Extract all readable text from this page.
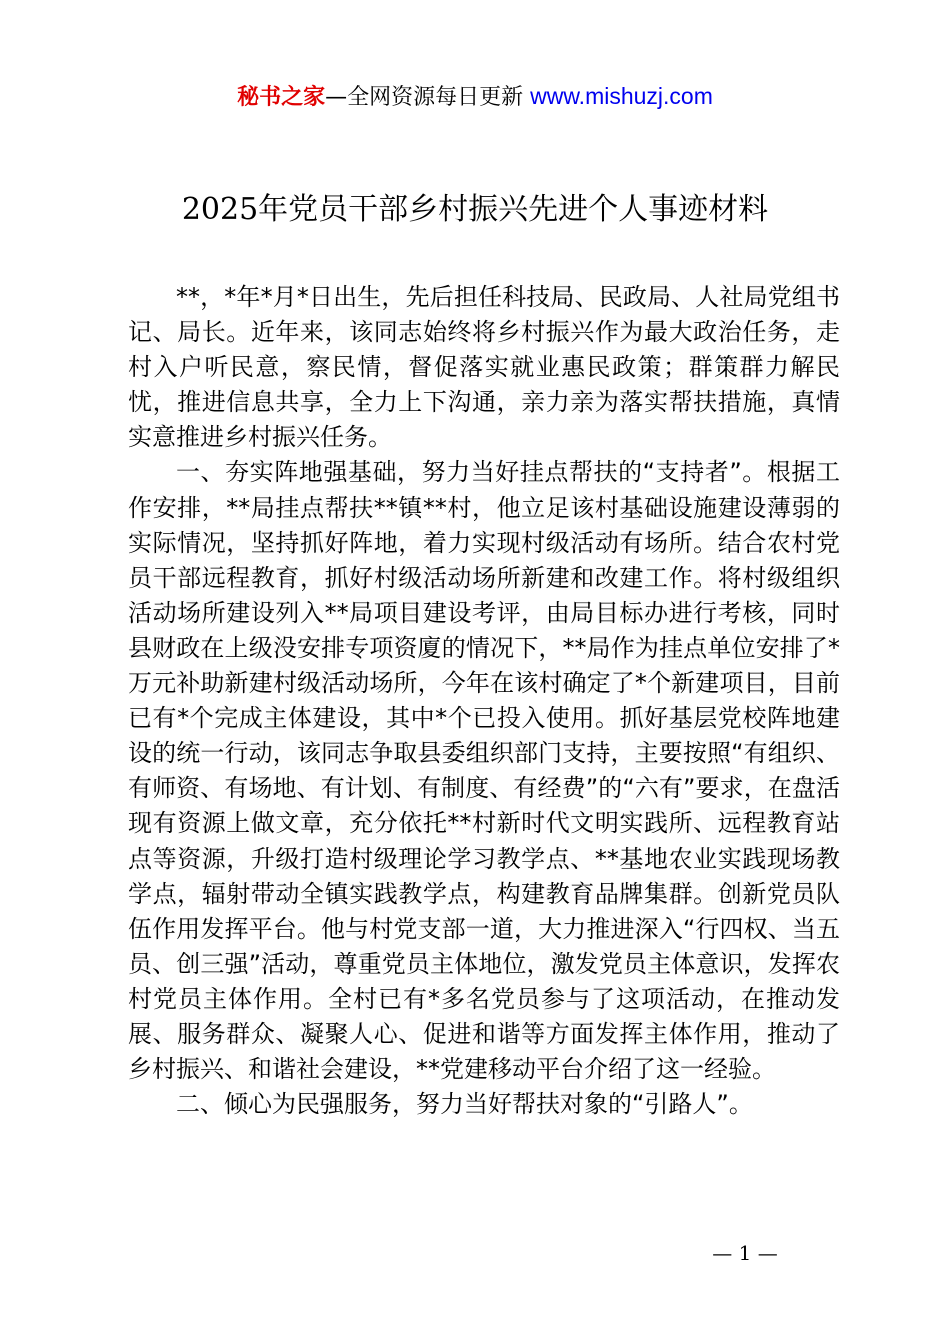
秘书之家—全网资源每日更新 www.mishuzj.com
2025年党员干部乡村振兴先进个人事迹材料

**，*年*月*日出生，先后担任科技局、民政局、人社局党组书记、局长。近年来，该同志始终将乡村振兴作为最大政治任务，走村入户听民意，察民情，督促落实就业惠民政策；群策群力解民忧，推进信息共享，全力上下沟通，亲力亲为落实帮扶措施，真情实意推进乡村振兴任务。

一、夯实阵地强基础，努力当好挂点帮扶的“支持者”。根据工作安排，**局挂点帮扶**镇**村，他立足该村基础设施建设薄弱的实际情况，坚持抓好阵地，着力实现村级活动有场所。结合农村党员干部远程教育，抓好村级活动场所新建和改建工作。将村级组织活动场所建设列入**局项目建设考评，由局目标办进行考核，同时县财政在上级没安排专项资廈的情况下，**局作为挂点单位安排了*万元补助新建村级活动场所，今年在该村确定了*个新建项目，目前已有*个完成主体建设，其中*个已投入使用。抓好基层党校阵地建设的统一行动，该同志争取县委组织部门支持，主要按照“有组织、有师资、有场地、有计划、有制度、有经费”的“六有”要求，在盘活现有资源上做文章，充分依托**村新时代文明实践所、远程教育站点等资源，升级打造村级理论学习教学点、**基地农业实践现场教学点，辐射带动全镇实践教学点，构建教育品牌集群。创新党员队伍作用发挥平台。他与村党支部一道，大力推进深入“行四权、当五员、创三强”活动，尊重党员主体地位，激发党员主体意识，发挥农村党员主体作用。全村已有*多名党员参与了这项活动，在推动发展、服务群众、凝聚人心、促进和谐等方面发挥主体作用，推动了乡村振兴、和谐社会建设，**党建移动平台介绍了这一经验。

二、倾心为民强服务，努力当好帮扶对象的“引路人”。

— 1 —
